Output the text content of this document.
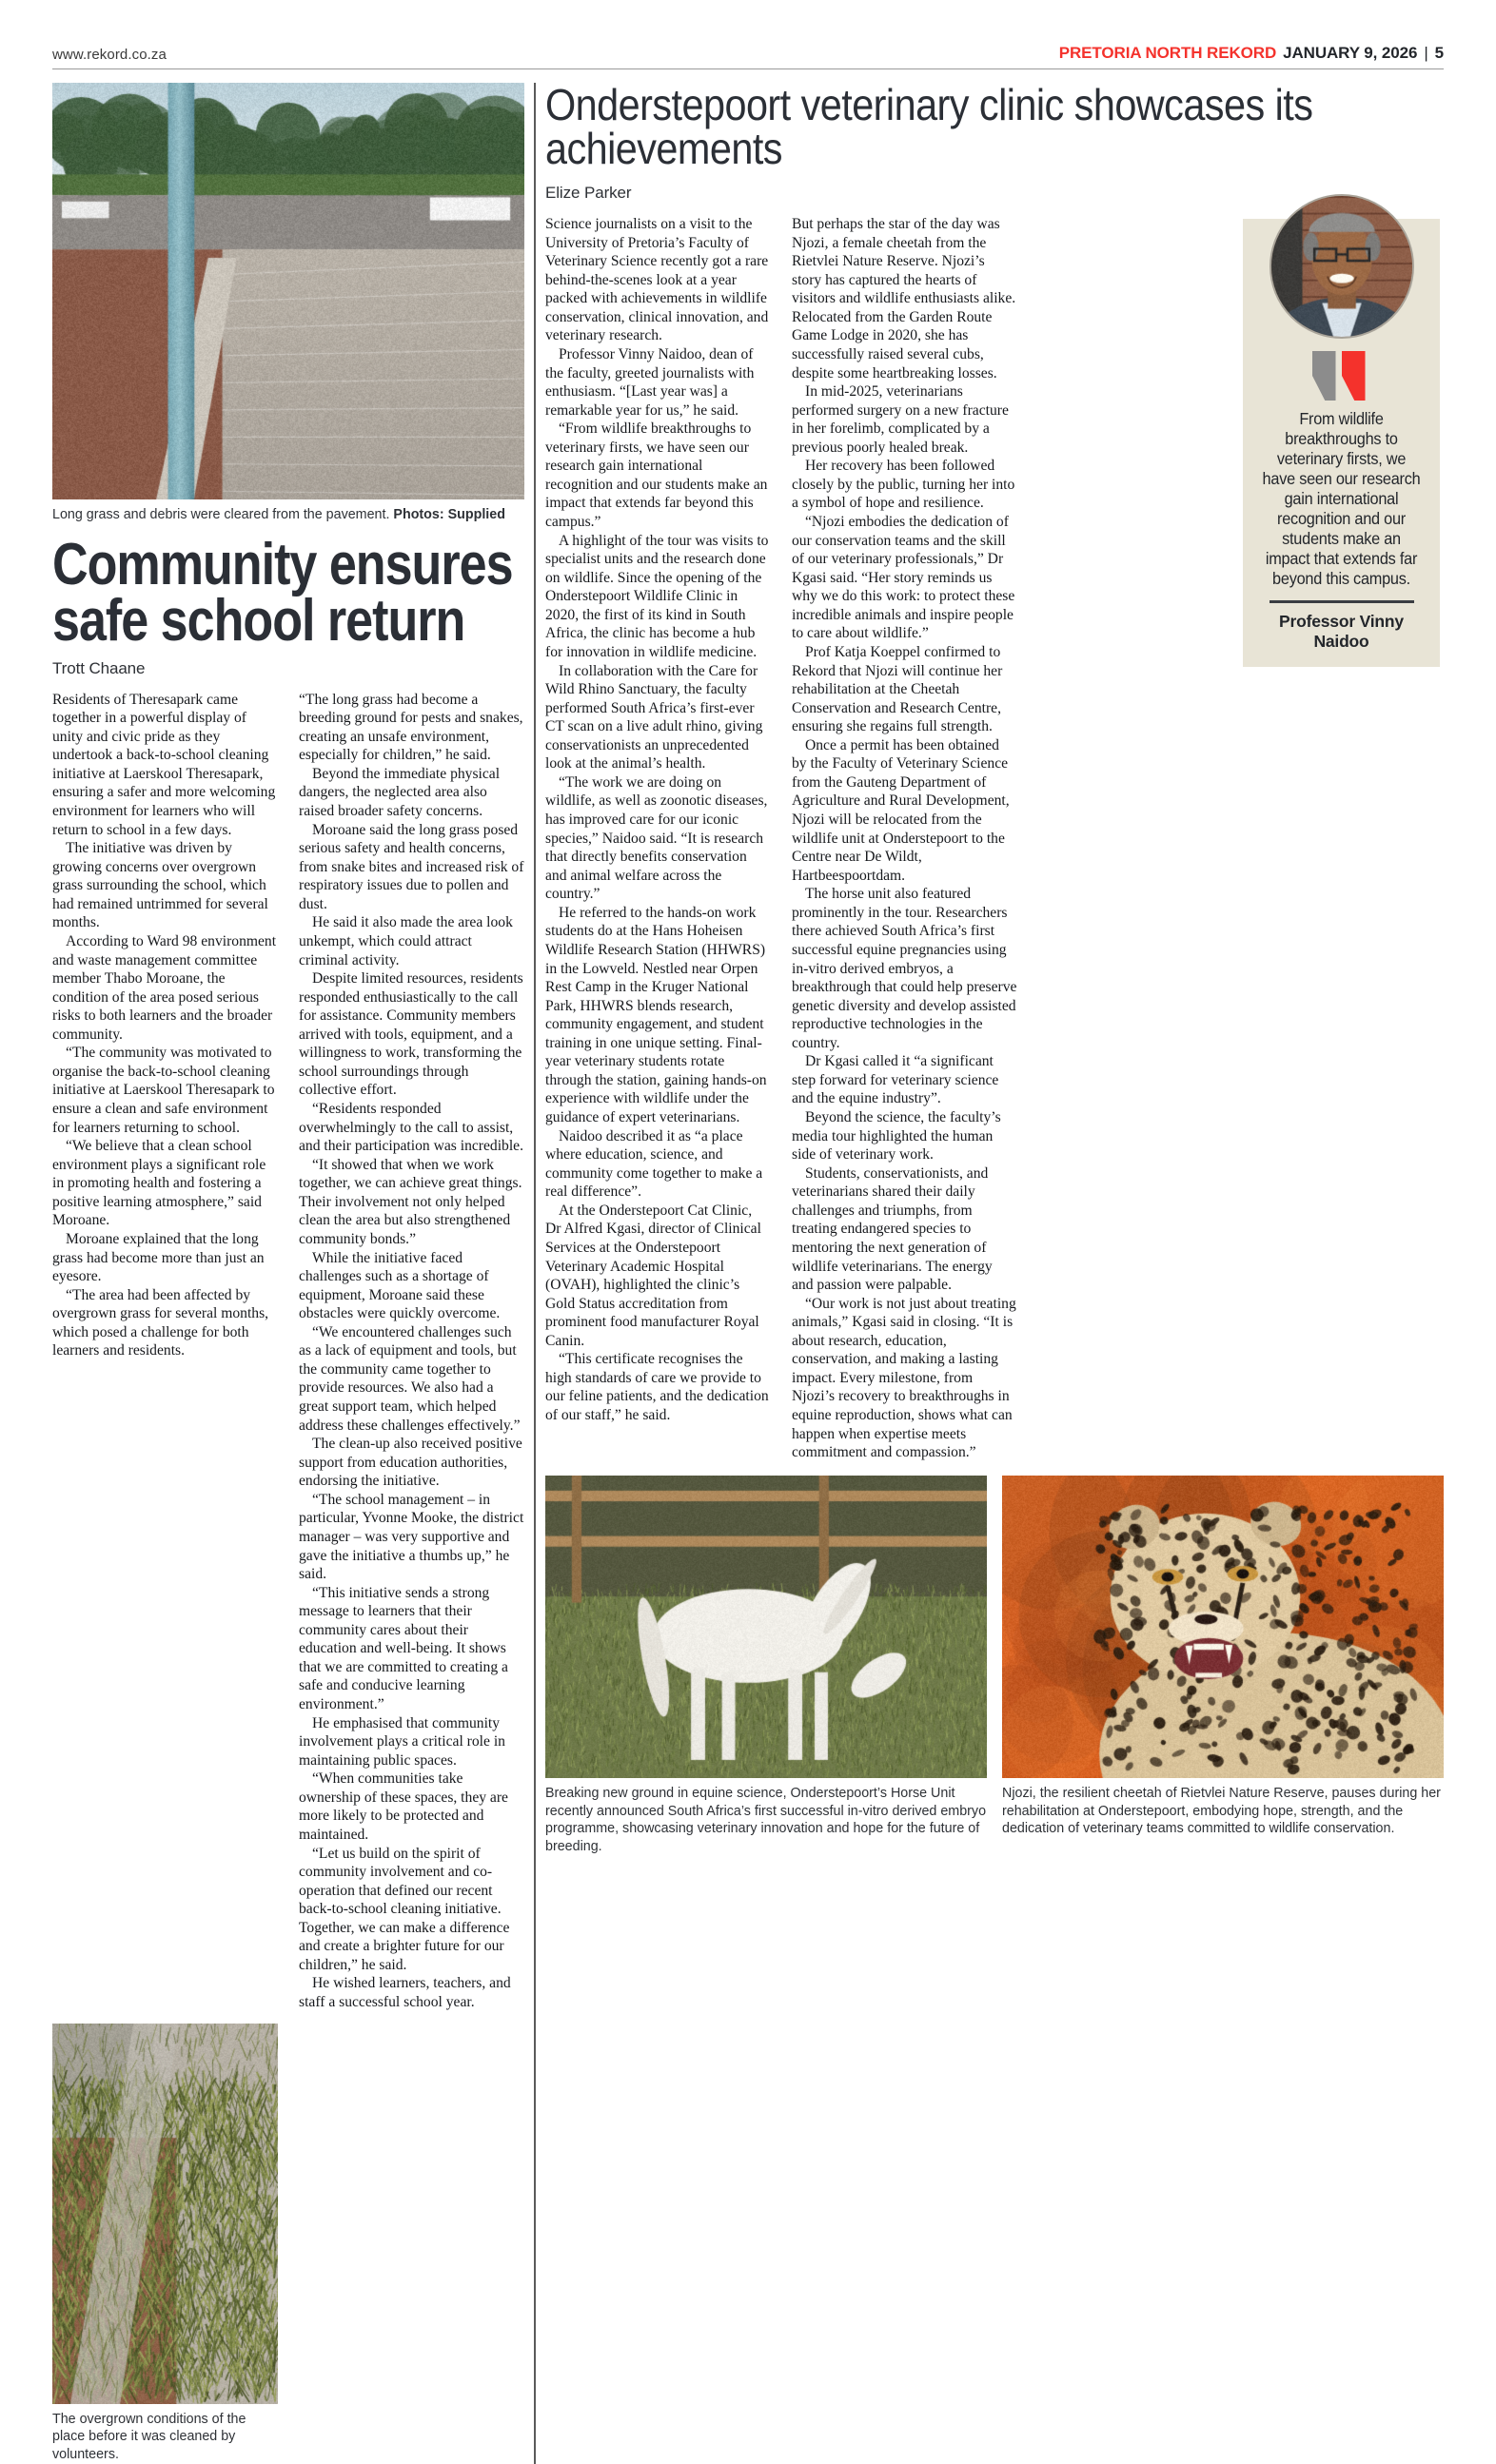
www.rekord.co.za	PRETORIA NORTH REKORD JANUARY 9, 2026 | 5
Long grass and debris were cleared from the pavement. Photos: Supplied
Community ensures safe school return
Trott Chaane

Residents of Theresapark came together in a powerful display of unity and civic pride as they undertook a back-to-school cleaning initiative at Laerskool Theresapark, ensuring a safer and more welcoming environment for learners who will return to school in a few days.

The initiative was driven by growing concerns over overgrown grass surrounding the school, which had remained untrimmed for several months.

According to Ward 98 environment and waste management committee member Thabo Moroane, the condition of the area posed serious risks to both learners and the broader community.

“The community was motivated to organise the back-to-school cleaning initiative at Laerskool Theresapark to ensure a clean and safe environment for learners returning to school.

“We believe that a clean school environment plays a significant role in promoting health and fostering a positive learning atmosphere,” said Moroane.

Moroane explained that the long grass had become more than just an eyesore.

“The area had been affected by overgrown grass for several months, which posed a challenge for both learners and residents.

“The long grass had become a breeding ground for pests and snakes, creating an unsafe environment, especially for children,” he said.

Beyond the immediate physical dangers, the neglected area also raised broader safety concerns.

Moroane said the long grass posed serious safety and health concerns, from snake bites and increased risk of respiratory issues due to pollen and dust.

He said it also made the area look unkempt, which could attract criminal activity.

Despite limited resources, residents responded enthusiastically to the call for assistance. Community members arrived with tools, equipment, and a willingness to work, transforming the school surroundings through collective effort.

“Residents responded overwhelmingly to the call to assist, and their participation was incredible.

“It showed that when we work together, we can achieve great things. Their involvement not only helped clean the area but also strengthened community bonds.”

While the initiative faced challenges such as a shortage of equipment, Moroane said these obstacles were quickly overcome.

“We encountered challenges such as a lack of equipment and tools, but the community came together to provide resources. We also had a great support team, which helped address these challenges effectively.”

The clean-up also received positive support from education authorities, endorsing the initiative.

“The school management – in particular, Yvonne Mooke, the district manager – was very supportive and gave the initiative a thumbs up,” he said.

“This initiative sends a strong message to learners that their community cares about their education and well-being. It shows that we are committed to creating a safe and conducive learning environment.”

He emphasised that community involvement plays a critical role in maintaining public spaces.

“When communities take ownership of these spaces, they are more likely to be protected and maintained.

“Let us build on the spirit of community involvement and co-operation that defined our recent back-to-school cleaning initiative. Together, we can make a difference and create a brighter future for our children,” he said.

He wished learners, teachers, and staff a successful school year.

The overgrown conditions of the place before it was cleaned by volunteers.
Onderstepoort veterinary clinic showcases its achievements
Elize Parker

Science journalists on a visit to the University of Pretoria’s Faculty of Veterinary Science recently got a rare behind-the-scenes look at a year packed with achievements in wildlife conservation, clinical innovation, and veterinary research.

Professor Vinny Naidoo, dean of the faculty, greeted journalists with enthusiasm. “[Last year was] a remarkable year for us,” he said.

“From wildlife breakthroughs to veterinary firsts, we have seen our research gain international recognition and our students make an impact that extends far beyond this campus.”

A highlight of the tour was visits to specialist units and the research done on wildlife. Since the opening of the Onderstepoort Wildlife Clinic in 2020, the first of its kind in South Africa, the clinic has become a hub for innovation in wildlife medicine.

In collaboration with the Care for Wild Rhino Sanctuary, the faculty performed South Africa’s first-ever CT scan on a live adult rhino, giving conservationists an unprecedented look at the animal’s health.

“The work we are doing on wildlife, as well as zoonotic diseases, has improved care for our iconic species,” Naidoo said. “It is research that directly benefits conservation and animal welfare across the country.”

He referred to the hands-on work students do at the Hans Hoheisen Wildlife Research Station (HHWRS) in the Lowveld. Nestled near Orpen Rest Camp in the Kruger National Park, HHWRS blends research, community engagement, and student training in one unique setting. Final-year veterinary students rotate through the station, gaining hands-on experience with wildlife under the guidance of expert veterinarians.

Naidoo described it as “a place where education, science, and community come together to make a real difference”.

At the Onderstepoort Cat Clinic, Dr Alfred Kgasi, director of Clinical Services at the Onderstepoort Veterinary Academic Hospital (OVAH), highlighted the clinic’s Gold Status accreditation from prominent food manufacturer Royal Canin.

“This certificate recognises the high standards of care we provide to our feline patients, and the dedication of our staff,” he said.

But perhaps the star of the day was Njozi, a female cheetah from the Rietvlei Nature Reserve. Njozi’s story has captured the hearts of visitors and wildlife enthusiasts alike. Relocated from the Garden Route Game Lodge in 2020, she has successfully raised several cubs, despite some heartbreaking losses.

In mid-2025, veterinarians performed surgery on a new fracture in her forelimb, complicated by a previous poorly healed break.

Her recovery has been followed closely by the public, turning her into a symbol of hope and resilience.

“Njozi embodies the dedication of our conservation teams and the skill of our veterinary professionals,” Dr Kgasi said. “Her story reminds us why we do this work: to protect these incredible animals and inspire people to care about wildlife.”

Prof Katja Koeppel confirmed to Rekord that Njozi will continue her rehabilitation at the Cheetah Conservation and Research Centre, ensuring she regains full strength.

Once a permit has been obtained by the Faculty of Veterinary Science from the Gauteng Department of Agriculture and Rural Development, Njozi will be relocated from the wildlife unit at Onderstepoort to the Centre near De Wildt, Hartbeespoortdam.

The horse unit also featured prominently in the tour. Researchers there achieved South Africa’s first successful equine pregnancies using in-vitro derived embryos, a breakthrough that could help preserve genetic diversity and develop assisted reproductive technologies in the country.

Dr Kgasi called it “a significant step forward for veterinary science and the equine industry”.

Beyond the science, the faculty’s media tour highlighted the human side of veterinary work.

Students, conservationists, and veterinarians shared their daily challenges and triumphs, from treating endangered species to mentoring the next generation of wildlife veterinarians. The energy and passion were palpable.

“Our work is not just about treating animals,” Kgasi said in closing. “It is about research, education, conservation, and making a lasting impact. Every milestone, from Njozi’s recovery to breakthroughs in equine reproduction, shows what can happen when expertise meets commitment and compassion.”

From wildlife breakthroughs to veterinary firsts, we have seen our research gain international recognition and our students make an impact that extends far beyond this campus.
Professor Vinny Naidoo
Breaking new ground in equine science, Onderstepoort’s Horse Unit recently announced South Africa’s first successful in-vitro derived embryo programme, showcasing veterinary innovation and hope for the future of breeding.
Njozi, the resilient cheetah of Rietvlei Nature Reserve, pauses during her rehabilitation at Onderstepoort, embodying hope, strength, and the dedication of veterinary teams committed to wildlife conservation.
